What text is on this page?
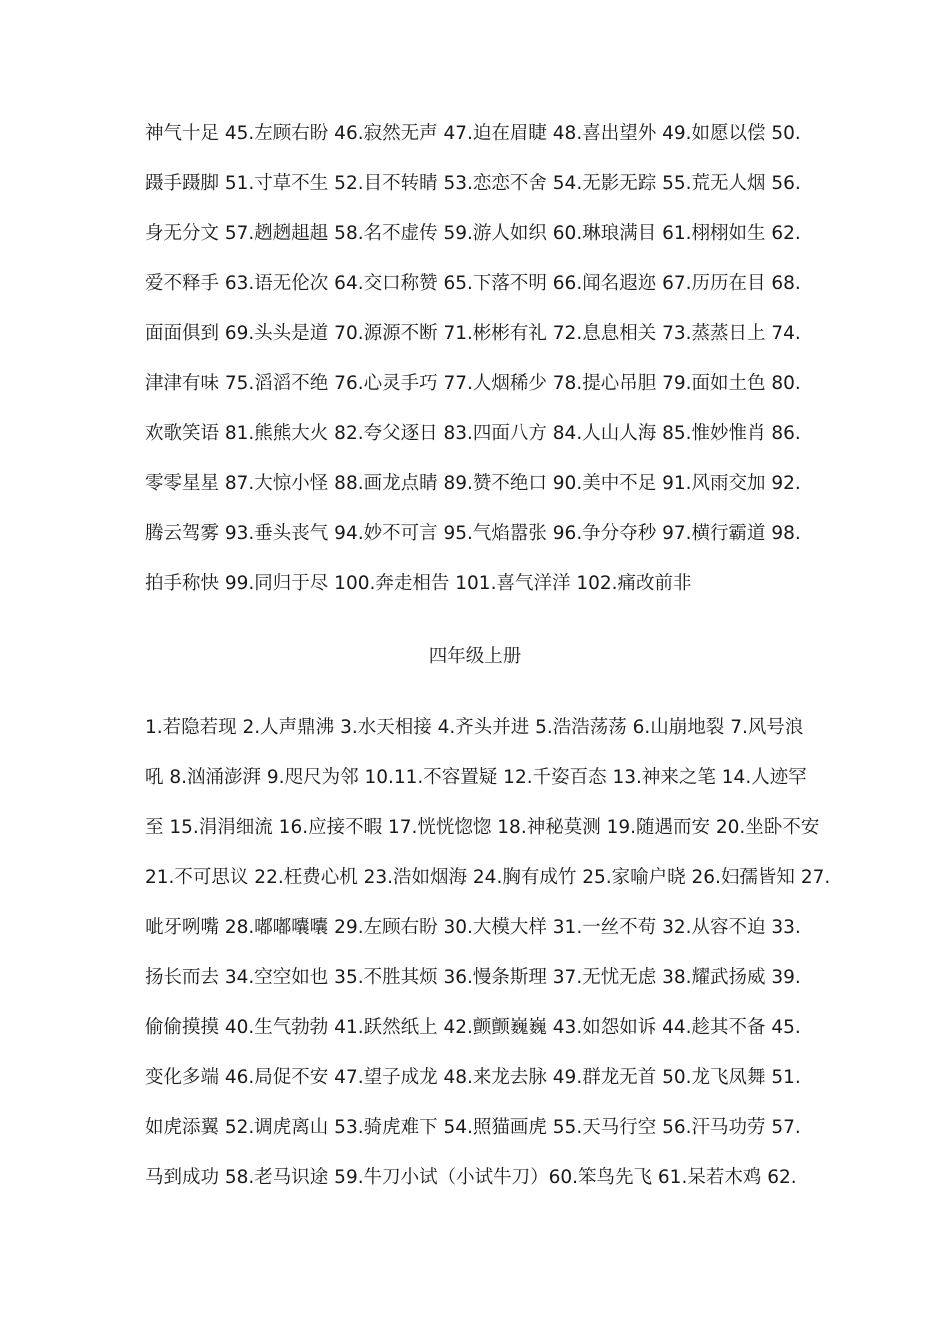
神气十足 45.左顾右盼 46.寂然无声 47.迫在眉睫 48.喜出望外 49.如愿以偿 50.
蹑手蹑脚 51.寸草不生 52.目不转睛 53.恋恋不舍 54.无影无踪 55.荒无人烟 56.
身无分文 57.趔趔趄趄 58.名不虚传 59.游人如织 60.琳琅满目 61.栩栩如生 62.
爱不释手 63.语无伦次 64.交口称赞 65.下落不明 66.闻名遐迩 67.历历在目 68.
面面俱到 69.头头是道 70.源源不断 71.彬彬有礼 72.息息相关 73.蒸蒸日上 74.
津津有味 75.滔滔不绝 76.心灵手巧 77.人烟稀少 78.提心吊胆 79.面如土色 80.
欢歌笑语 81.熊熊大火 82.夸父逐日 83.四面八方 84.人山人海 85.惟妙惟肖 86.
零零星星 87.大惊小怪 88.画龙点睛 89.赞不绝口 90.美中不足 91.风雨交加 92.
腾云驾雾 93.垂头丧气 94.妙不可言 95.气焰嚣张 96.争分夺秒 97.横行霸道 98.
拍手称快 99.同归于尽 100.奔走相告 101.喜气洋洋 102.痛改前非
四年级上册
1.若隐若现 2.人声鼎沸 3.水天相接 4.齐头并进 5.浩浩荡荡 6.山崩地裂 7.风号浪
吼 8.汹涌澎湃 9.咫尺为邻 10.11.不容置疑 12.千姿百态 13.神来之笔 14.人迹罕
至 15.涓涓细流 16.应接不暇 17.恍恍惚惚 18.神秘莫测 19.随遇而安 20.坐卧不安
21.不可思议 22.枉费心机 23.浩如烟海 24.胸有成竹 25.家喻户晓 26.妇孺皆知 27.
呲牙咧嘴 28.嘟嘟囔囔 29.左顾右盼 30.大模大样 31.一丝不苟 32.从容不迫 33.
扬长而去 34.空空如也 35.不胜其烦 36.慢条斯理 37.无忧无虑 38.耀武扬威 39.
偷偷摸摸 40.生气勃勃 41.跃然纸上 42.颤颤巍巍 43.如怨如诉 44.趁其不备 45.
变化多端 46.局促不安 47.望子成龙 48.来龙去脉 49.群龙无首 50.龙飞凤舞 51.
如虎添翼 52.调虎离山 53.骑虎难下 54.照猫画虎 55.天马行空 56.汗马功劳 57.
马到成功 58.老马识途 59.牛刀小试（小试牛刀）60.笨鸟先飞 61.呆若木鸡 62.
